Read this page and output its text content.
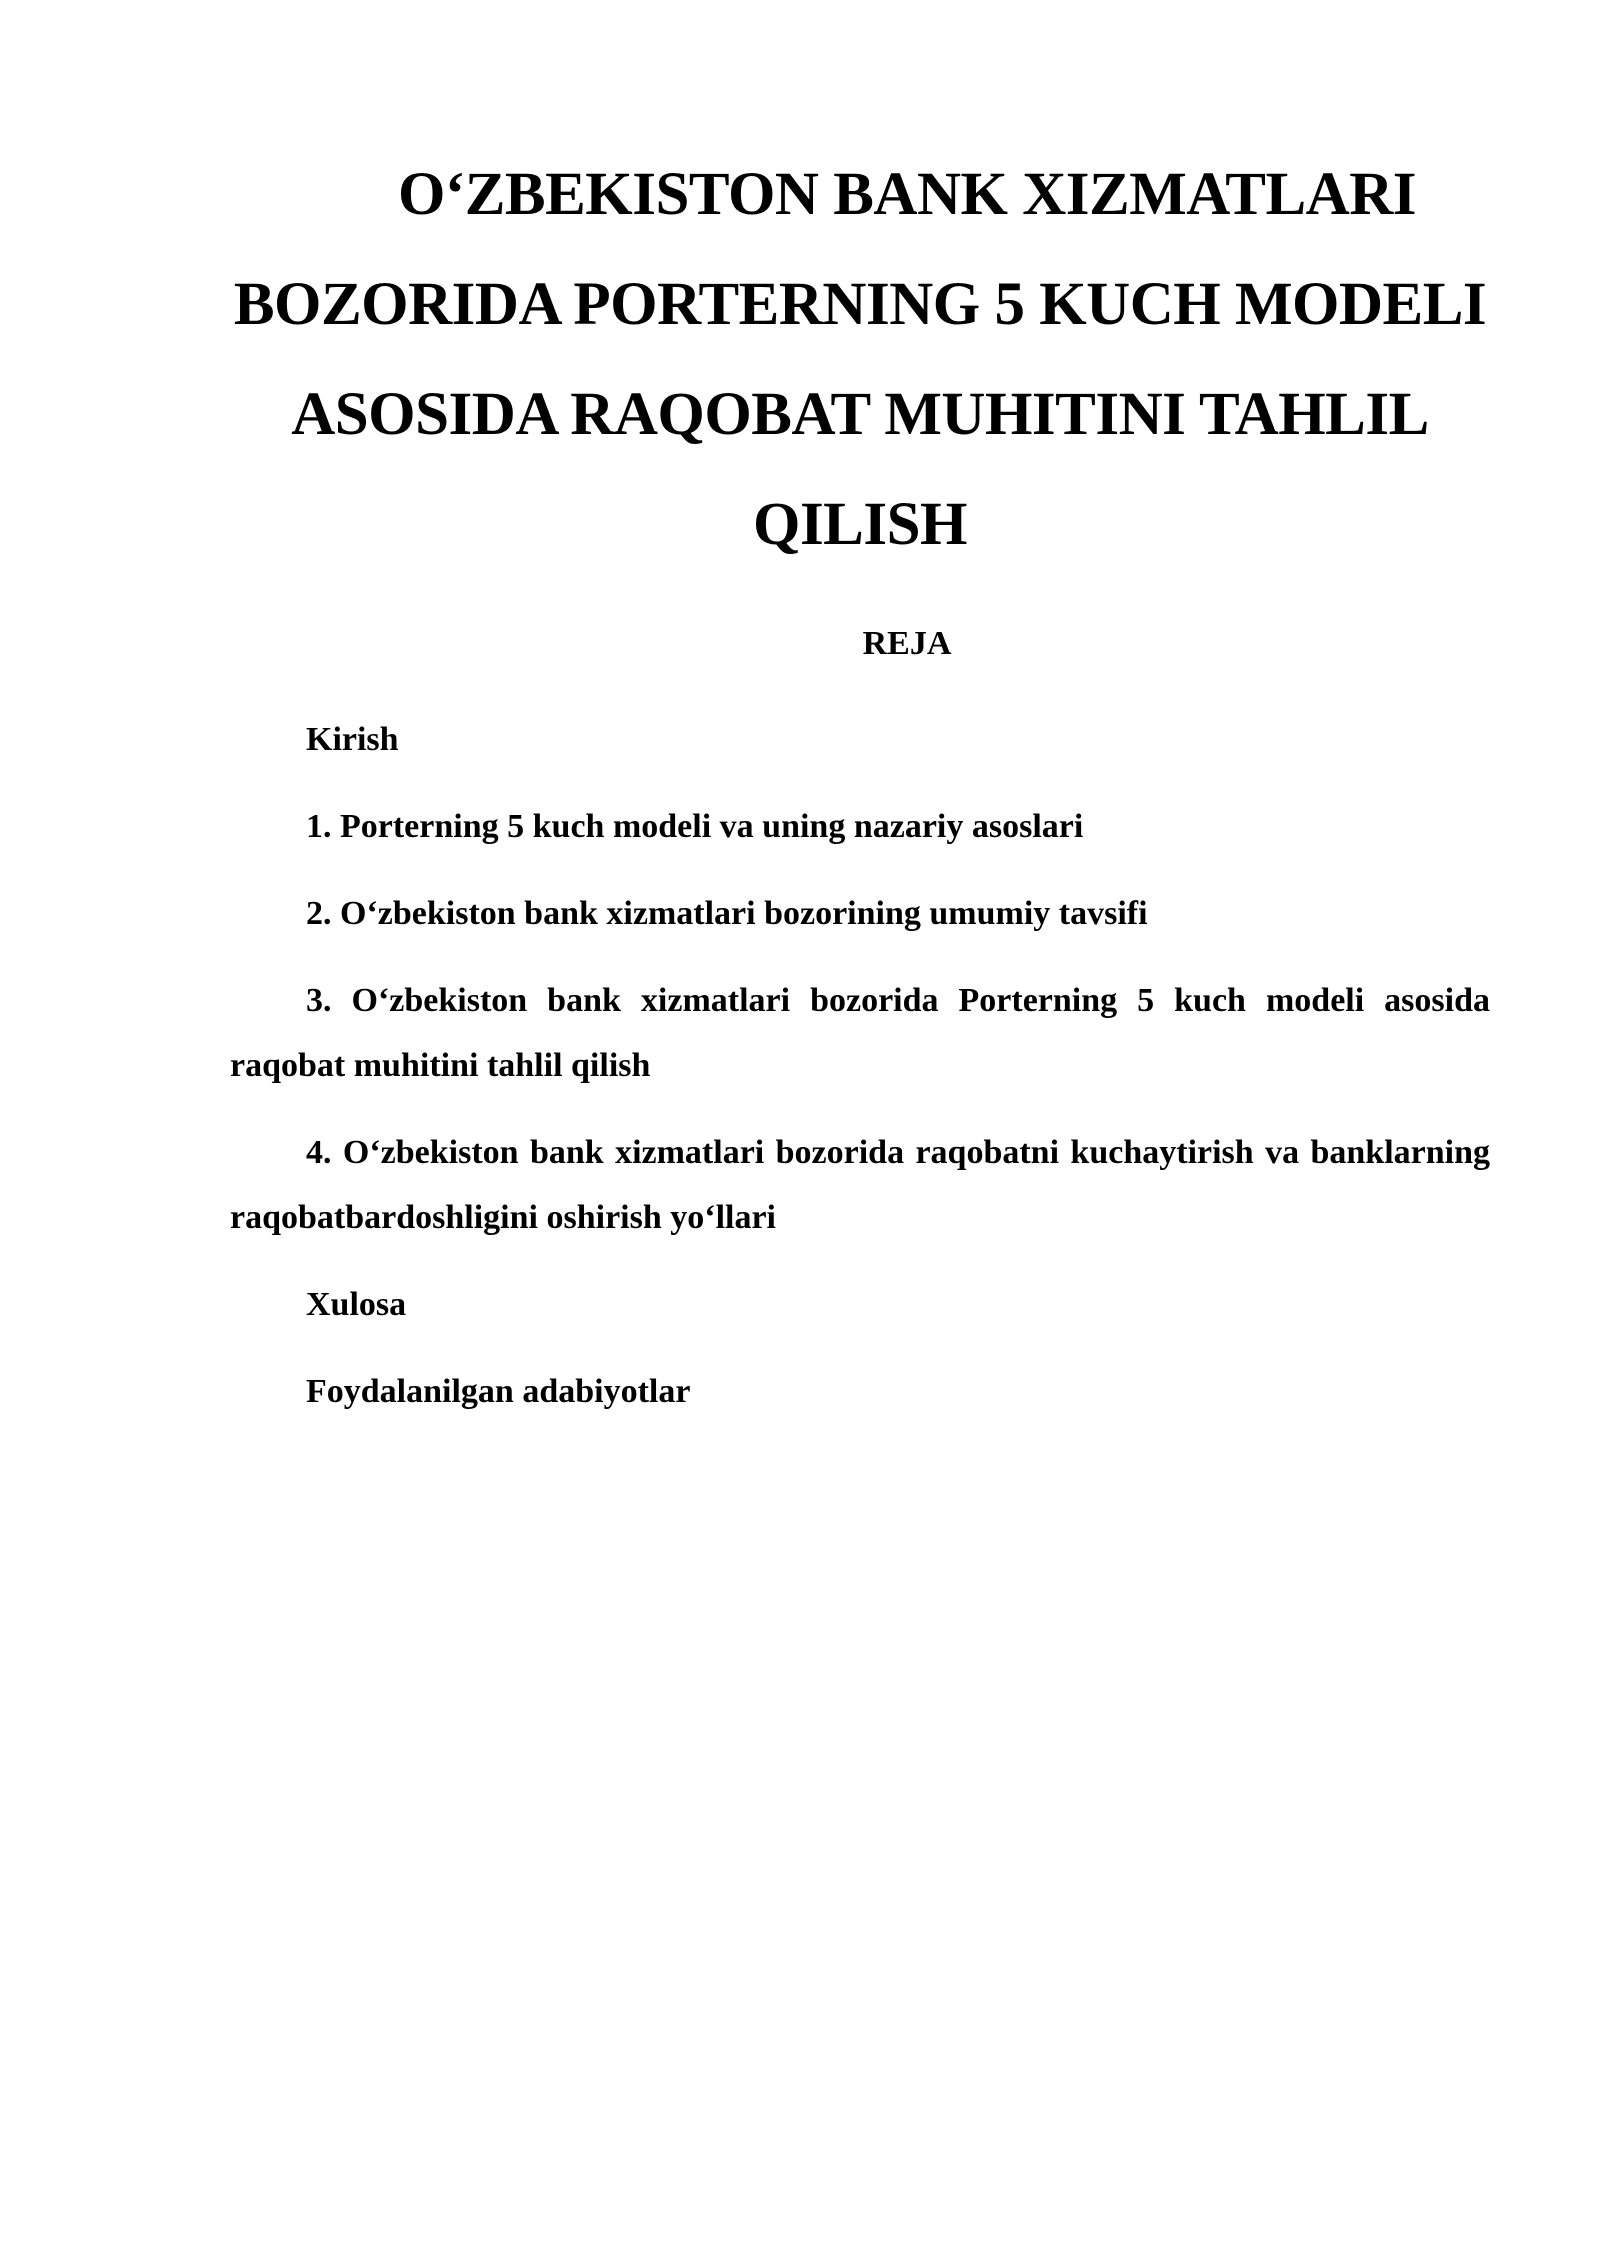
O‘ZBEKISTON BANK XIZMATLARI BOZORIDA PORTERNING 5 KUCH MODELI ASOSIDA RAQOBAT MUHITINI TAHLIL QILISH
REJA
Kirish
1. Porterning 5 kuch modeli va uning nazariy asoslari
2. O‘zbekiston bank xizmatlari bozorining umumiy tavsifi
3. O‘zbekiston bank xizmatlari bozorida Porterning 5 kuch modeli asosida raqobat muhitini tahlil qilish
4. O‘zbekiston bank xizmatlari bozorida raqobatni kuchaytirish va banklarning raqobatbardoshligini oshirish yo‘llari
Xulosa
Foydalanilgan adabiyotlar
